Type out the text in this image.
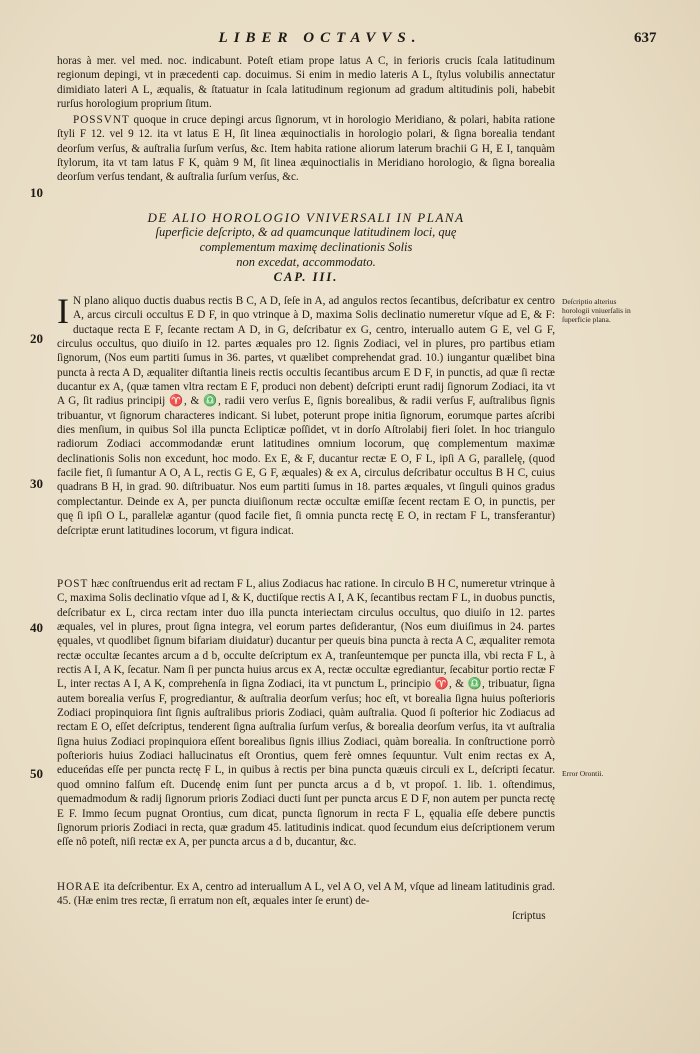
LIBER OCTAVVS.	637

horas à mer. vel med. noc. indicabunt. Poteſt etiam prope latus A C, in ferioris crucis ſcala latitudinum regionum depingi, vt in præcedenti cap. docuimus. Si enim in medio lateris A L, ſtylus volubilis annectatur dimidiato lateri A L, æqualis, & ſtatuatur in ſcala latitudinum regionum ad gradum altitudinis poli, habebit rurſus horologium proprium ſitum.

POSSVNT quoque in cruce depingi arcus ſignorum, vt in horologio Meridiano, & polari, habita ratione ſtyli F 12. vel 9 12. ita vt latus E H, ſit linea æquinoctialis in horologio polari, & ſigna borealia tendant deorſum verſus, & auſtralia ſurſum verſus, &c. Item habita ratione aliorum laterum brachii G H, E I, tanquàm ſtylorum, ita vt tam latus F K, quàm 9 M, ſit linea æquinoctialis in Meridiano horologio, & ſigna borealia deorſum verſus tendant, & auſtralia ſurſum verſus, &c.

DE ALIO HOROLOGIO VNIVERSALI IN PLANA
ſuperficie deſcripto, & ad quamcunque latitudinem loci, quę
complementum maximę declinationis Solis
non excedat, accommodato.
CAP. III.

I N plano aliquo ductis duabus rectis B C, A D, ſeſe in A, ad angulos rectos ſecantibus, deſcribatur ex centro A, arcus circuli occultus E D F, in quo vtrinque à D, maxima Solis declinatio numeretur vſque ad E, & F: ductaque recta E F, ſecante rectam A D, in G, deſcribatur ex G, centro, interuallo autem G E, vel G F, circulus occultus, quo diuiſo in 12. partes æquales pro 12. ſignis Zodiaci, vel in plures, pro partibus etiam ſignorum, (Nos eum partiti ſumus in 36. partes, vt quælibet comprehendat grad. 10.) iungantur quælibet bina puncta à recta A D, æqualiter diſtantia lineis rectis occultis ſecantibus arcum E D F, in punctis, ad quæ ſi rectæ ducantur ex A, (quæ tamen vltra rectam E F, produci non debent) deſcripti erunt radij ſignorum Zodiaci, ita vt A G, ſit radius principij ♈, & ♎, radii vero verſus E, ſignis borealibus, & radii verſus F, auſtralibus ſignis tribuantur, vt ſignorum characteres indicant. Si lubet, poterunt prope initia ſignorum, eorumque partes aſcribi dies menſium, in quibus Sol illa puncta Eclipticæ poſſidet, vt in dorſo Aſtrolabij fieri ſolet. In hoc triangulo radiorum Zodiaci accommodandæ erunt latitudines omnium locorum, quę complementum maximæ declinationis Solis non excedunt, hoc modo. Ex E, & F, ducantur rectæ E O, F L, ipſi A G, parallelę, (quod facile fiet, ſi ſumantur A O, A L, rectis G E, G F, æquales) & ex A, circulus deſcribatur occultus B H C, cuius quadrans B H, in grad. 90. diſtribuatur. Nos eum partiti ſumus in 18. partes æquales, vt ſinguli quinos gradus complectantur. Deinde ex A, per puncta diuiſionum rectæ occultæ emiſſæ ſecent rectam E O, in punctis, per quę ſi ipſi O L, parallelæ agantur (quod facile fiet, ſi omnia puncta rectę E O, in rectam F L, transferantur) deſcriptæ erunt latitudines locorum, vt figura indicat.

POST hæc conſtruendus erit ad rectam F L, alius Zodiacus hac ratione. In circulo B H C, numeretur vtrinque à C, maxima Solis declinatio vſque ad I, & K, ductiſque rectis A I, A K, ſecantibus rectam F L, in duobus punctis, deſcribatur ex L, circa rectam inter duo illa puncta interiectam circulus occultus, quo diuiſo in 12. partes æquales, vel in plures, prout ſigna integra, vel eorum partes deſiderantur, (Nos eum diuiſimus in 24. partes ęquales, vt quodlibet ſignum bifariam diuidatur) ducantur per queuis bina puncta à recta A C, æqualiter remota rectæ occultæ ſecantes arcum a d b, occulte deſcriptum ex A, tranſeuntemque per puncta illa, vbi recta F L, à rectis A I, A K, ſecatur. Nam ſi per puncta huius arcus ex A, rectæ occultæ egrediantur, ſecabitur portio rectæ F L, inter rectas A I, A K, comprehenſa in ſigna Zodiaci, ita vt punctum L, principio ♈, & ♎, tribuatur, ſigna autem borealia verſus F, progrediantur, & auſtralia deorſum verſus; hoc eſt, vt borealia ſigna huius poſterioris Zodiaci propinquiora ſint ſignis auſtralibus prioris Zodiaci, quàm auſtralia. Quod ſi poſterior hic Zodiacus ad rectam E O, eſſet deſcriptus, tenderent ſigna auſtralia ſurſum verſus, & borealia deorſum verſus, ita vt auſtralia ſigna huius Zodiaci propinquiora eſſent borealibus ſignis illius Zodiaci, quàm borealia. In conſtructione porrò poſterioris huius Zodiaci hallucinatus eſt Orontius, quem ferè omnes ſequuntur. Vult enim rectas ex A, educeńdas eſſe per puncta rectę F L, in quibus à rectis per bina puncta quæuis circuli ex L, deſcripti ſecatur. quod omnino falſum eſt. Ducendę enim ſunt per puncta arcus a d b, vt propoſ. 1. lib. 1. oſtendimus, quemadmodum & radij ſignorum prioris Zodiaci ducti ſunt per puncta arcus E D F, non autem per puncta rectę E F. Immo ſecum pugnat Orontius, cum dicat, puncta ſignorum in recta F L, ęqualia eſſe debere punctis ſignorum prioris Zodiaci in recta, quæ gradum 45. latitudinis indicat. quod ſecundum eius deſcriptionem verum eſſe nô poteſt, niſi rectæ ex A, per puncta arcus a d b, ducantur, &c.

HORAE ita deſcribentur. Ex A, centro ad interuallum A L, vel A O, vel A M, vſque ad lineam latitudinis grad. 45. (Hæ enim tres rectæ, ſi erratum non eſt, æquales inter ſe erunt) de-

ſcriptus
10
20
30
40
50
Deſcriptio alterius horologii vniuerſalis in ſuperficie plana.
Error Orontii.
